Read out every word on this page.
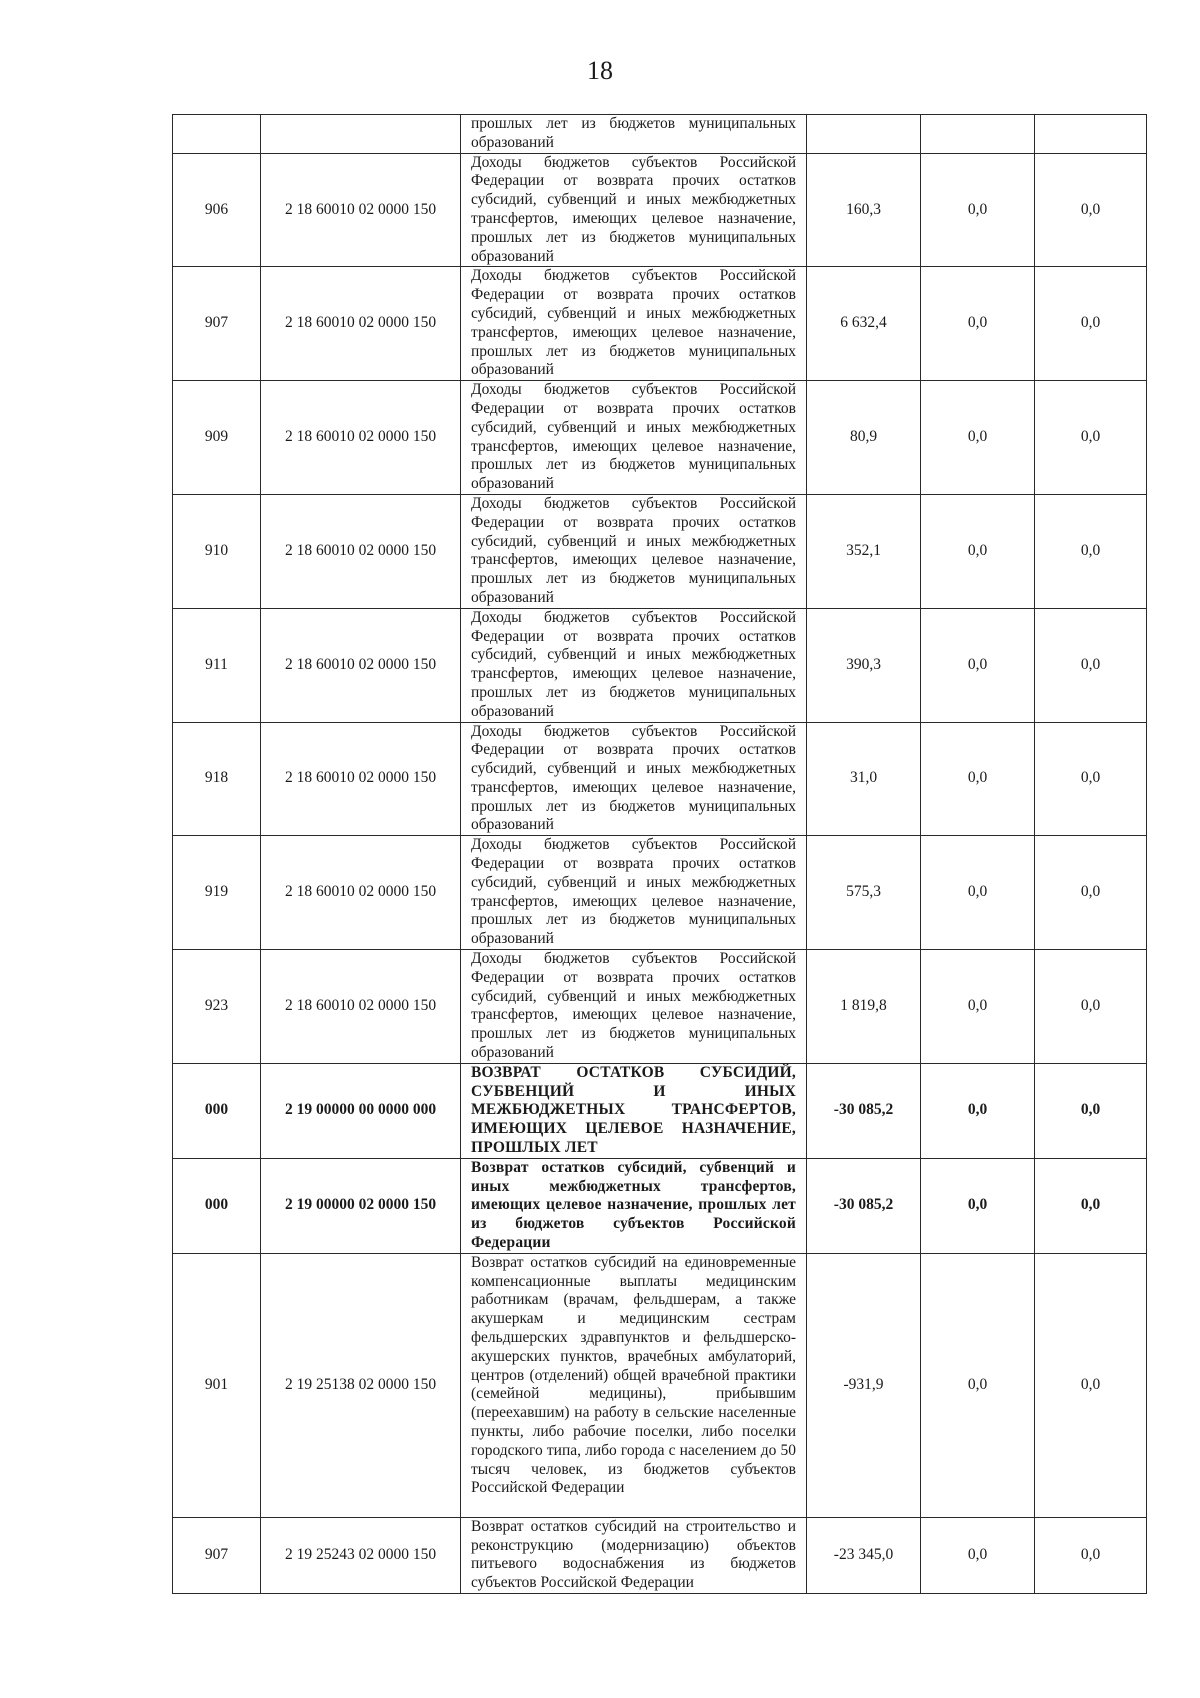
18
		прошлых лет из бюджетов муниципальных образований			
906	2 18 60010 02 0000 150	Доходы бюджетов субъектов Российской Федерации от возврата прочих остатков субсидий, субвенций и иных межбюджетных трансфертов, имеющих целевое назначение, прошлых лет из бюджетов муниципальных образований	160,3	0,0	0,0
907	2 18 60010 02 0000 150	Доходы бюджетов субъектов Российской Федерации от возврата прочих остатков субсидий, субвенций и иных межбюджетных трансфертов, имеющих целевое назначение, прошлых лет из бюджетов муниципальных образований	6 632,4	0,0	0,0
909	2 18 60010 02 0000 150	Доходы бюджетов субъектов Российской Федерации от возврата прочих остатков субсидий, субвенций и иных межбюджетных трансфертов, имеющих целевое назначение, прошлых лет из бюджетов муниципальных образований	80,9	0,0	0,0
910	2 18 60010 02 0000 150	Доходы бюджетов субъектов Российской Федерации от возврата прочих остатков субсидий, субвенций и иных межбюджетных трансфертов, имеющих целевое назначение, прошлых лет из бюджетов муниципальных образований	352,1	0,0	0,0
911	2 18 60010 02 0000 150	Доходы бюджетов субъектов Российской Федерации от возврата прочих остатков субсидий, субвенций и иных межбюджетных трансфертов, имеющих целевое назначение, прошлых лет из бюджетов муниципальных образований	390,3	0,0	0,0
918	2 18 60010 02 0000 150	Доходы бюджетов субъектов Российской Федерации от возврата прочих остатков субсидий, субвенций и иных межбюджетных трансфертов, имеющих целевое назначение, прошлых лет из бюджетов муниципальных образований	31,0	0,0	0,0
919	2 18 60010 02 0000 150	Доходы бюджетов субъектов Российской Федерации от возврата прочих остатков субсидий, субвенций и иных межбюджетных трансфертов, имеющих целевое назначение, прошлых лет из бюджетов муниципальных образований	575,3	0,0	0,0
923	2 18 60010 02 0000 150	Доходы бюджетов субъектов Российской Федерации от возврата прочих остатков субсидий, субвенций и иных межбюджетных трансфертов, имеющих целевое назначение, прошлых лет из бюджетов муниципальных образований	1 819,8	0,0	0,0
000	2 19 00000 00 0000 000	ВОЗВРАТ ОСТАТКОВ СУБСИДИЙ, СУБВЕНЦИЙ И ИНЫХ МЕЖБЮДЖЕТНЫХ ТРАНСФЕРТОВ, ИМЕЮЩИХ ЦЕЛЕВОЕ НАЗНАЧЕНИЕ, ПРОШЛЫХ ЛЕТ	-30 085,2	0,0	0,0
000	2 19 00000 02 0000 150	Возврат остатков субсидий, субвенций и иных межбюджетных трансфертов, имеющих целевое назначение, прошлых лет из бюджетов субъектов Российской Федерации	-30 085,2	0,0	0,0
901	2 19 25138 02 0000 150	Возврат остатков субсидий на единовременные компенсационные выплаты медицинским работникам (врачам, фельдшерам, а также акушеркам и медицинским сестрам фельдшерских здравпунктов и фельдшерско-акушерских пунктов, врачебных амбулаторий, центров (отделений) общей врачебной практики (семейной медицины), прибывшим (переехавшим) на работу в сельские населенные пункты, либо рабочие поселки, либо поселки городского типа, либо города с населением до 50 тысяч человек, из бюджетов субъектов Российской Федерации	-931,9	0,0	0,0
907	2 19 25243 02 0000 150	Возврат остатков субсидий на строительство и реконструкцию (модернизацию) объектов питьевого водоснабжения из бюджетов субъектов Российской Федерации	-23 345,0	0,0	0,0
